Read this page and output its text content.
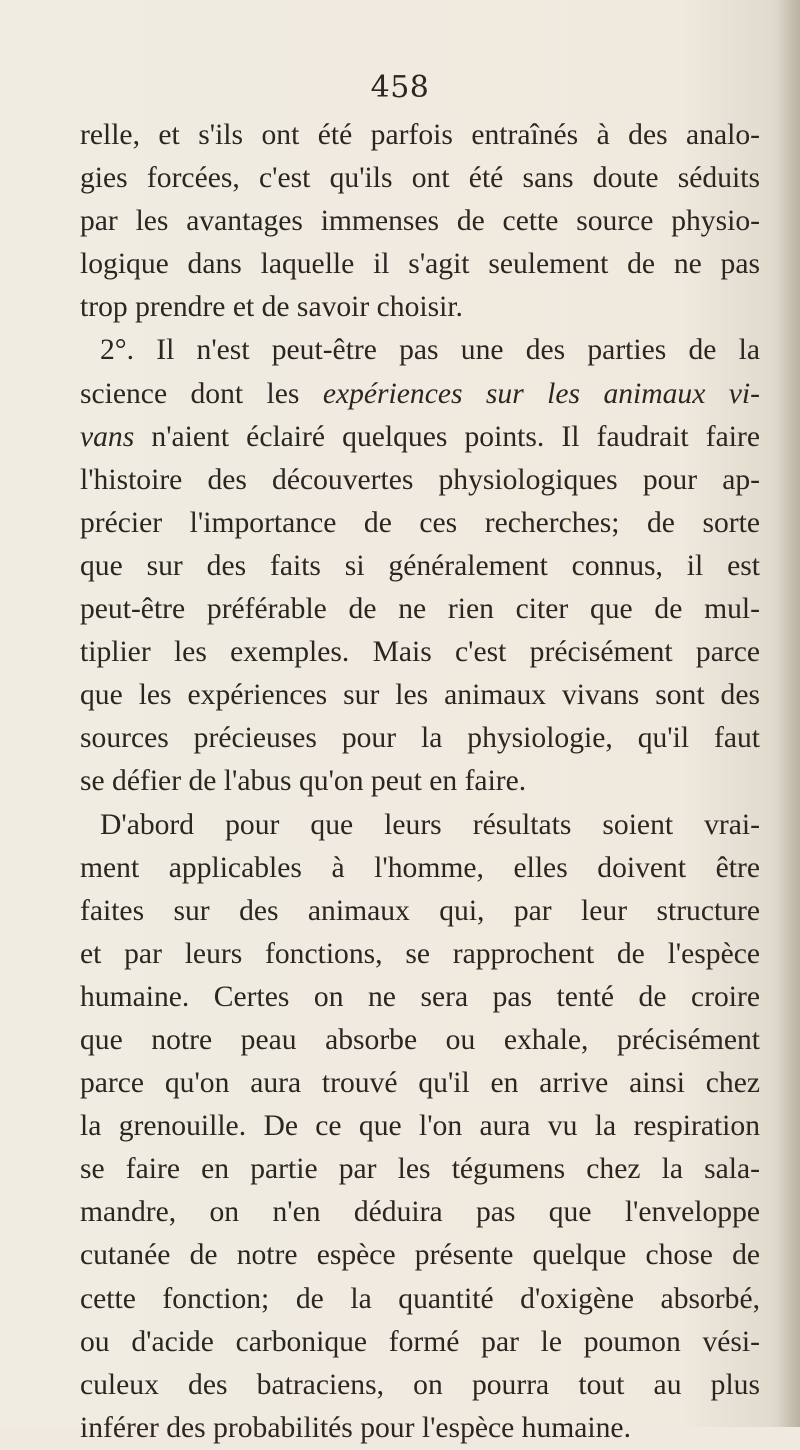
458
relle, et s'ils ont été parfois entraînés à des analo-
gies forcées, c'est qu'ils ont été sans doute séduits
par les avantages immenses de cette source physio-
logique dans laquelle il s'agit seulement de ne pas
trop prendre et de savoir choisir.
2°. Il n'est peut-être pas une des parties de la
science dont les expériences sur les animaux vi-
vans n'aient éclairé quelques points. Il faudrait faire
l'histoire des découvertes physiologiques pour ap-
précier l'importance de ces recherches; de sorte
que sur des faits si généralement connus, il est
peut-être préférable de ne rien citer que de mul-
tiplier les exemples. Mais c'est précisément parce
que les expériences sur les animaux vivans sont des
sources précieuses pour la physiologie, qu'il faut
se défier de l'abus qu'on peut en faire.
D'abord pour que leurs résultats soient vrai-
ment applicables à l'homme, elles doivent être
faites sur des animaux qui, par leur structure
et par leurs fonctions, se rapprochent de l'espèce
humaine. Certes on ne sera pas tenté de croire
que notre peau absorbe ou exhale, précisément
parce qu'on aura trouvé qu'il en arrive ainsi chez
la grenouille. De ce que l'on aura vu la respiration
se faire en partie par les tégumens chez la sala-
mandre, on n'en déduira pas que l'enveloppe
cutanée de notre espèce présente quelque chose de
cette fonction; de la quantité d'oxigène absorbé,
ou d'acide carbonique formé par le poumon vési-
culeux des batraciens, on pourra tout au plus
inférer des probabilités pour l'espèce humaine.
